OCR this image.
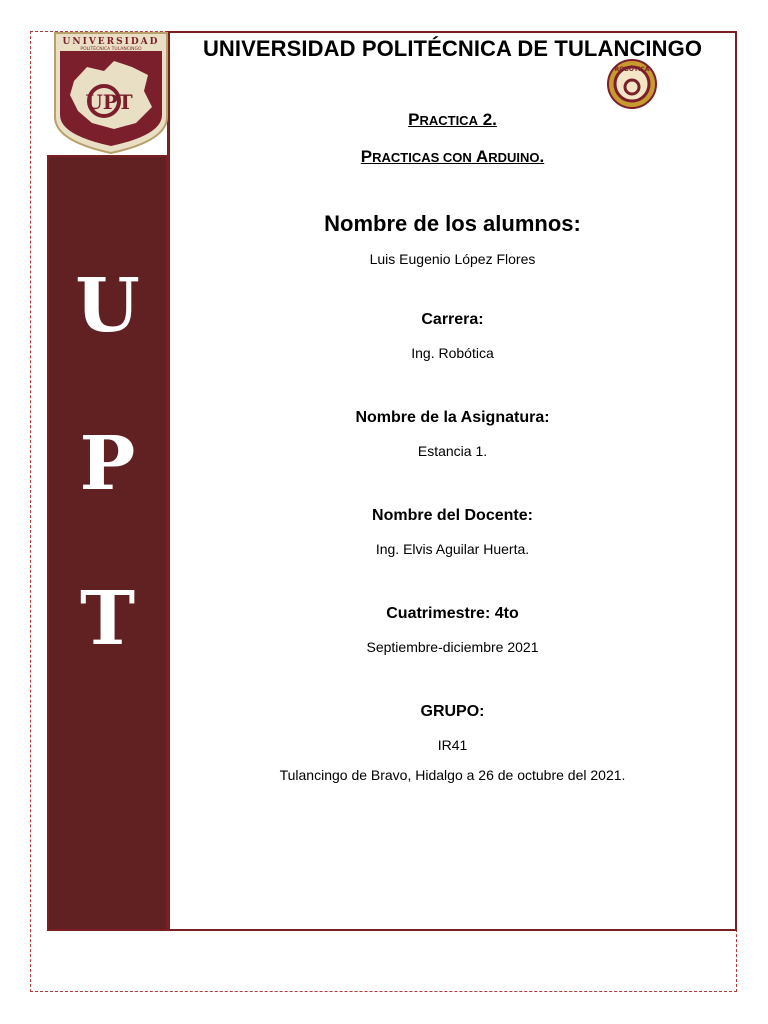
U
P
T
UNIVERSIDAD
POLITÉCNICA TULANCINGO
UPT
ROBÓTICA
UNIVERSIDAD POLITÉCNICA DE TULANCINGO
PRACTICA 2.
PRACTICAS CON ARDUINO.
Nombre de los alumnos:
Luis Eugenio López Flores
Carrera:
Ing. Robótica
Nombre de la Asignatura:
Estancia 1.
Nombre del Docente:
Ing. Elvis Aguilar Huerta.
Cuatrimestre: 4to
Septiembre-diciembre 2021
GRUPO:
IR41
Tulancingo de Bravo, Hidalgo a 26 de octubre del 2021.
